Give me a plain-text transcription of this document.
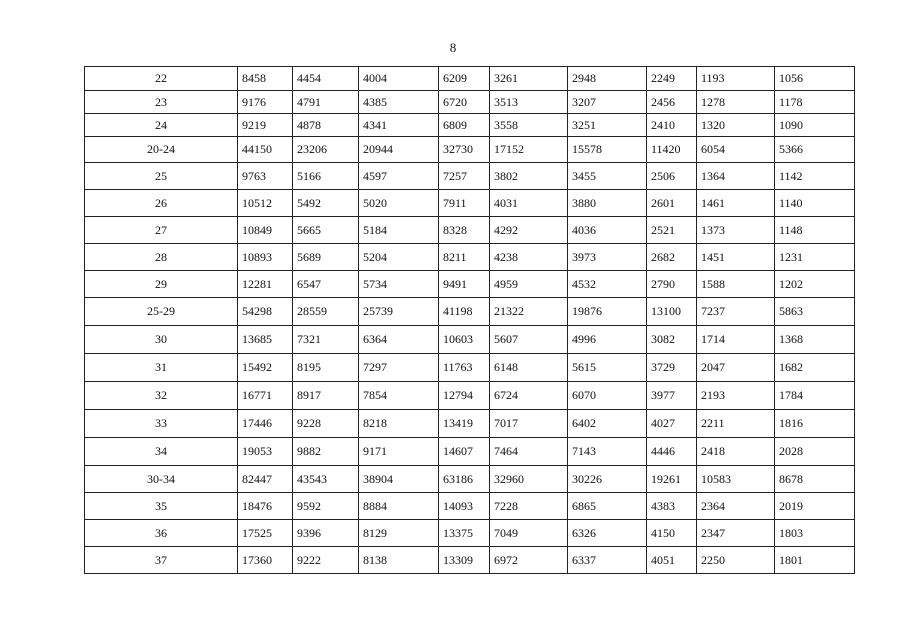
8
22	8458	4454	4004	6209	3261	2948	2249	1193	1056
23	9176	4791	4385	6720	3513	3207	2456	1278	1178
24	9219	4878	4341	6809	3558	3251	2410	1320	1090
20-24	44150	23206	20944	32730	17152	15578	11420	6054	5366
25	9763	5166	4597	7257	3802	3455	2506	1364	1142
26	10512	5492	5020	7911	4031	3880	2601	1461	1140
27	10849	5665	5184	8328	4292	4036	2521	1373	1148
28	10893	5689	5204	8211	4238	3973	2682	1451	1231
29	12281	6547	5734	9491	4959	4532	2790	1588	1202
25-29	54298	28559	25739	41198	21322	19876	13100	7237	5863
30	13685	7321	6364	10603	5607	4996	3082	1714	1368
31	15492	8195	7297	11763	6148	5615	3729	2047	1682
32	16771	8917	7854	12794	6724	6070	3977	2193	1784
33	17446	9228	8218	13419	7017	6402	4027	2211	1816
34	19053	9882	9171	14607	7464	7143	4446	2418	2028
30-34	82447	43543	38904	63186	32960	30226	19261	10583	8678
35	18476	9592	8884	14093	7228	6865	4383	2364	2019
36	17525	9396	8129	13375	7049	6326	4150	2347	1803
37	17360	9222	8138	13309	6972	6337	4051	2250	1801
